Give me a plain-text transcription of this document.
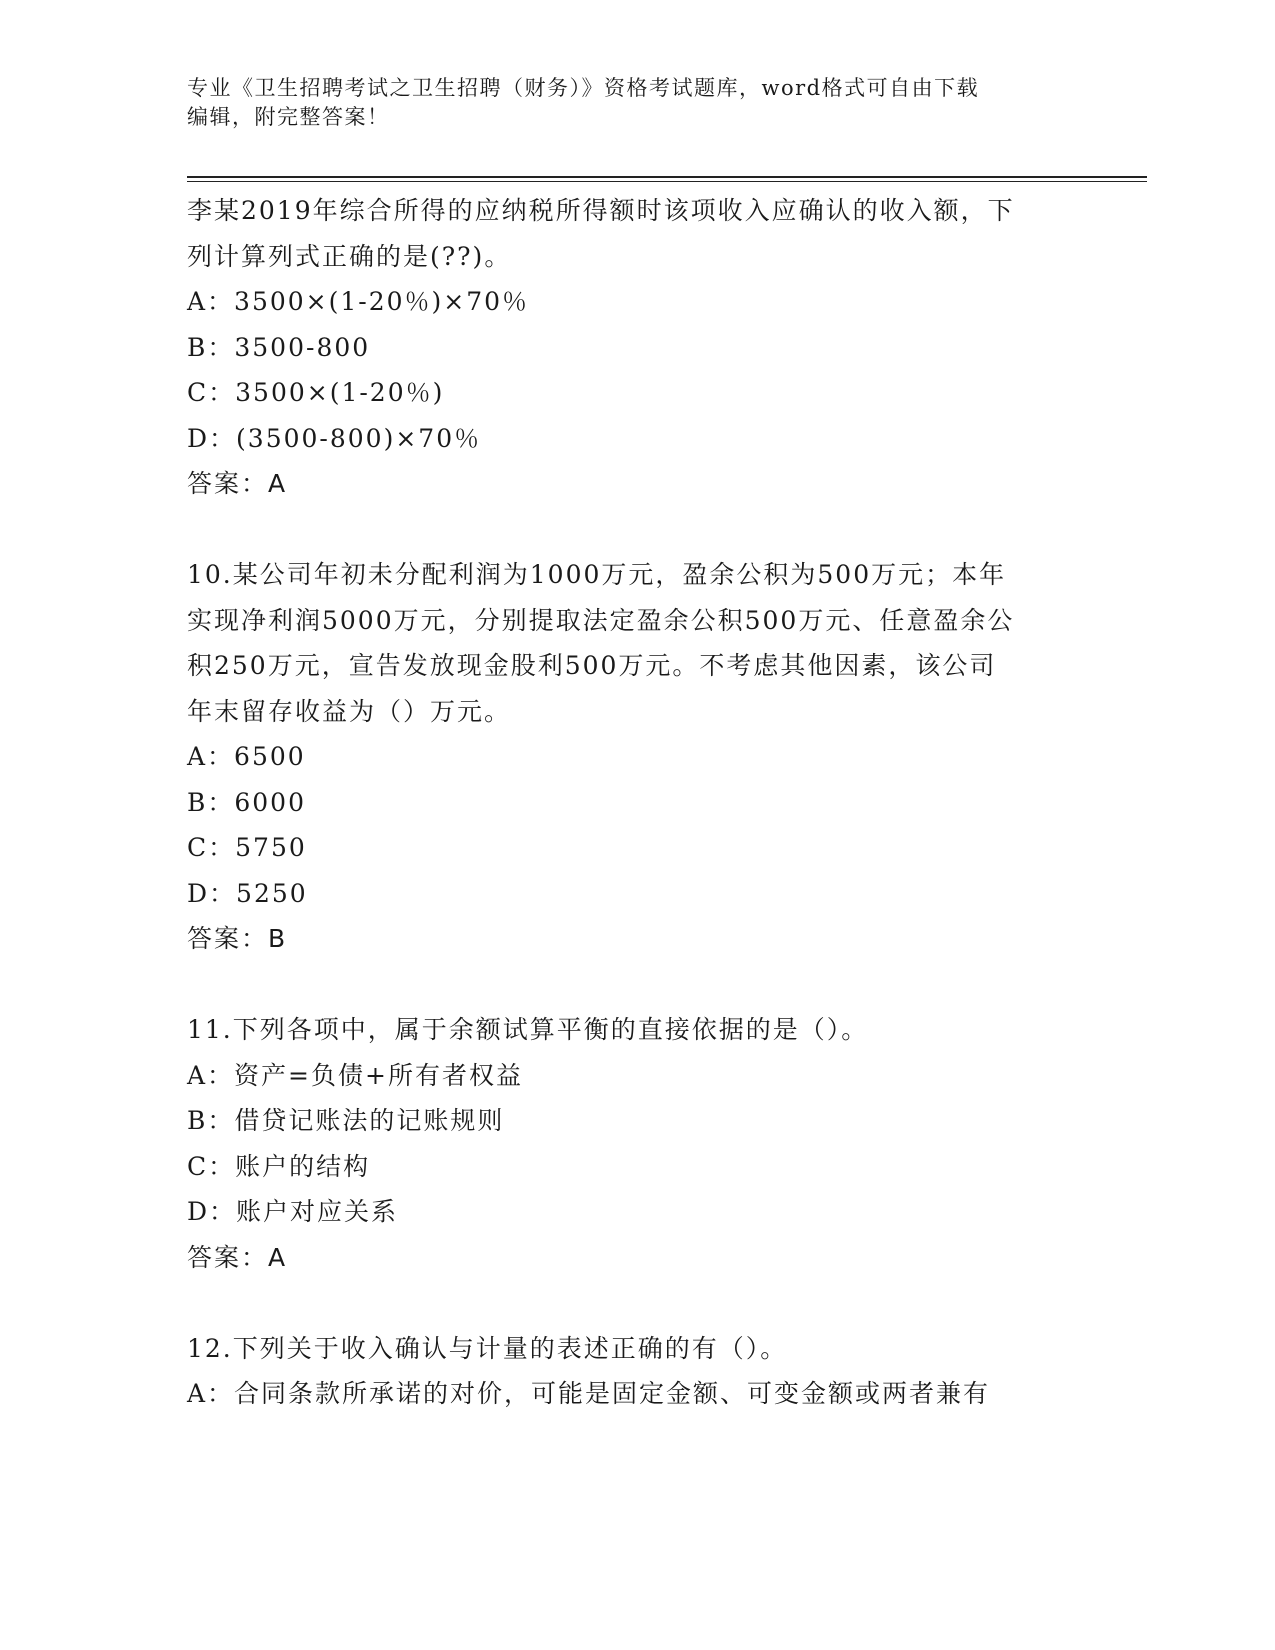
专业《卫生招聘考试之卫生招聘（财务）》资格考试题库，word格式可自由下载
编辑，附完整答案！
李某2019年综合所得的应纳税所得额时该项收入应确认的收入额，下
列计算列式正确的是(??)。
A：3500×(1-20％)×70％
B：3500-800
C：3500×(1-20％)
D：(3500-800)×70％
答案：A
10.某公司年初未分配利润为1000万元，盈余公积为500万元；本年
实现净利润5000万元，分别提取法定盈余公积500万元、任意盈余公
积250万元，宣告发放现金股利500万元。不考虑其他因素，该公司
年末留存收益为（）万元。
A：6500
B：6000
C：5750
D：5250
答案：B
11.下列各项中，属于余额试算平衡的直接依据的是（）。
A：资产=负债+所有者权益
B：借贷记账法的记账规则
C：账户的结构
D：账户对应关系
答案：A
12.下列关于收入确认与计量的表述正确的有（）。
A：合同条款所承诺的对价，可能是固定金额、可变金额或两者兼有
